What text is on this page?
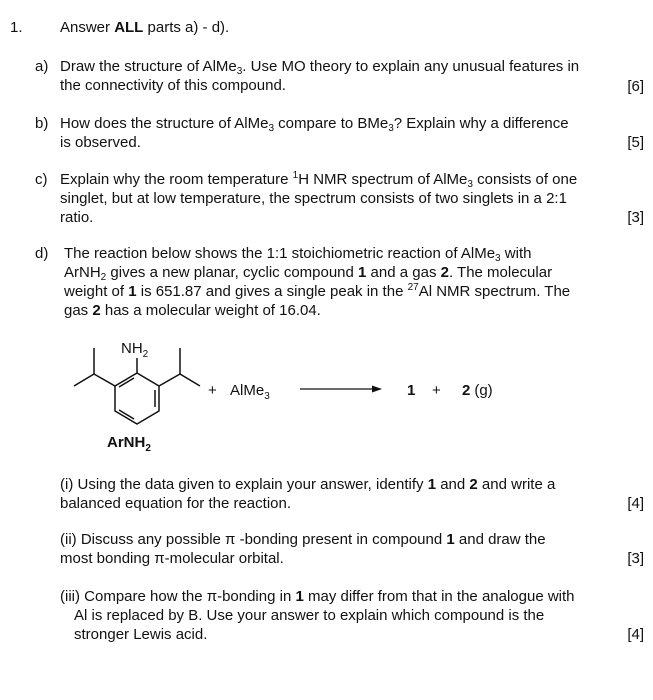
1. Answer ALL parts a) - d).
a) Draw the structure of AlMe$_3$. Use MO theory to explain any unusual features in
the connectivity of this compound.	[6]
b) How does the structure of AlMe$_3$ compare to BMe$_3$? Explain why a difference
is observed.	[5]
c) Explain why the room temperature $^1$H NMR spectrum of AlMe$_3$ consists of one
singlet, but at low temperature, the spectrum consists of two singlets in a 2:1
ratio.	[3]
d) The reaction below shows the 1:1 stoichiometric reaction of AlMe$_3$ with
ArNH$_2$ gives a new planar, cyclic compound 1 and a gas 2. The molecular
weight of 1 is 651.87 and gives a single peak in the $^{27}$Al NMR spectrum. The
gas 2 has a molecular weight of 16.04.
$NH_2$
+ AlMe$_3$	1 + 2 (g)
ArNH$_2$
(i) Using the data given to explain your answer, identify 1 and 2 and write a
balanced equation for the reaction.	[4]
(ii) Discuss any possible π -bonding present in compound 1 and draw the
most bonding π-molecular orbital.	[3]
(iii) Compare how the π-bonding in 1 may differ from that in the analogue with
Al is replaced by B. Use your answer to explain which compound is the
stronger Lewis acid.	[4]
